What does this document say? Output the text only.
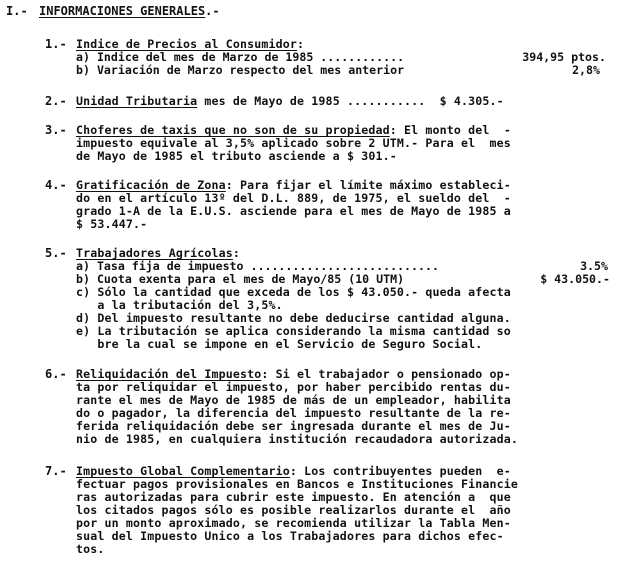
I.- INFORMACIONES GENERALES.-
1.- Indice de Precios al Consumidor:
a) Indice del mes de Marzo de 1985 ............	394,95 ptos.
b) Variación de Marzo respecto del mes anterior	2,8%
2.- Unidad Tributaria mes de Mayo de 1985 ...........  $ 4.305.-
3.- Choferes de taxis que no son de su propiedad: El monto del  -
impuesto equivale al 3,5% aplicado sobre 2 UTM.- Para el  mes
de Mayo de 1985 el tributo asciende a $ 301.-
4.- Gratificación de Zona: Para fijar el límite máximo estableci-
do en el artículo 13º del D.L. 889, de 1975, el sueldo del  -
grado 1-A de la E.U.S. asciende para el mes de Mayo de 1985 a
$ 53.447.-
5.- Trabajadores Agrícolas:
a) Tasa fija de impuesto ...........................	3.5%
b) Cuota exenta para el mes de Mayo/85 (10 UTM)	$ 43.050.-
c) Sólo la cantidad que exceda de los $ 43.050.- queda afecta
a la tributación del 3,5%.
d) Del impuesto resultante no debe deducirse cantidad alguna.
e) La tributación se aplica considerando la misma cantidad so
bre la cual se impone en el Servicio de Seguro Social.
6.- Reliquidación del Impuesto: Si el trabajador o pensionado op-
ta por reliquidar el impuesto, por haber percibido rentas du-
rante el mes de Mayo de 1985 de más de un empleador, habilita
do o pagador, la diferencia del impuesto resultante de la re-
ferida reliquidación debe ser ingresada durante el mes de Ju-
nio de 1985, en cualquiera institución recaudadora autorizada.
7.- Impuesto Global Complementario: Los contribuyentes pueden  e-
fectuar pagos provisionales en Bancos e Instituciones Financie
ras autorizadas para cubrir este impuesto. En atención a  que
los citados pagos sólo es posible realizarlos durante el  año
por un monto aproximado, se recomienda utilizar la Tabla Men-
sual del Impuesto Unico a los Trabajadores para dichos efec-
tos.
